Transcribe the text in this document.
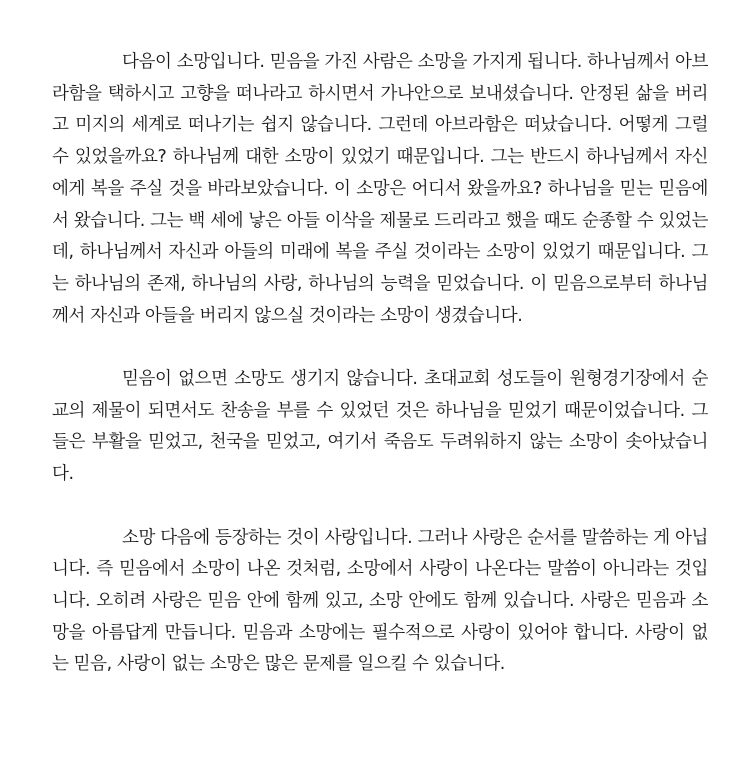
다음이 소망입니다. 믿음을 가진 사람은 소망을 가지게 됩니다. 하나님께서 아브라함을 택하시고 고향을 떠나라고 하시면서 가나안으로 보내셨습니다. 안정된 삶을 버리고 미지의 세계로 떠나기는 쉽지 않습니다. 그런데 아브라함은 떠났습니다. 어떻게 그럴 수 있었을까요? 하나님께 대한 소망이 있었기 때문입니다. 그는 반드시 하나님께서 자신에게 복을 주실 것을 바라보았습니다. 이 소망은 어디서 왔을까요? 하나님을 믿는 믿음에서 왔습니다. 그는 백 세에 낳은 아들 이삭을 제물로 드리라고 했을 때도 순종할 수 있었는데, 하나님께서 자신과 아들의 미래에 복을 주실 것이라는 소망이 있었기 때문입니다. 그는 하나님의 존재, 하나님의 사랑, 하나님의 능력을 믿었습니다. 이 믿음으로부터 하나님께서 자신과 아들을 버리지 않으실 것이라는 소망이 생겼습니다.

믿음이 없으면 소망도 생기지 않습니다. 초대교회 성도들이 원형경기장에서 순교의 제물이 되면서도 찬송을 부를 수 있었던 것은 하나님을 믿었기 때문이었습니다. 그들은 부활을 믿었고, 천국을 믿었고, 여기서 죽음도 두려워하지 않는 소망이 솟아났습니다.

소망 다음에 등장하는 것이 사랑입니다. 그러나 사랑은 순서를 말씀하는 게 아닙니다. 즉 믿음에서 소망이 나온 것처럼, 소망에서 사랑이 나온다는 말씀이 아니라는 것입니다. 오히려 사랑은 믿음 안에 함께 있고, 소망 안에도 함께 있습니다. 사랑은 믿음과 소망을 아름답게 만듭니다. 믿음과 소망에는 필수적으로 사랑이 있어야 합니다. 사랑이 없는 믿음, 사랑이 없는 소망은 많은 문제를 일으킬 수 있습니다.
